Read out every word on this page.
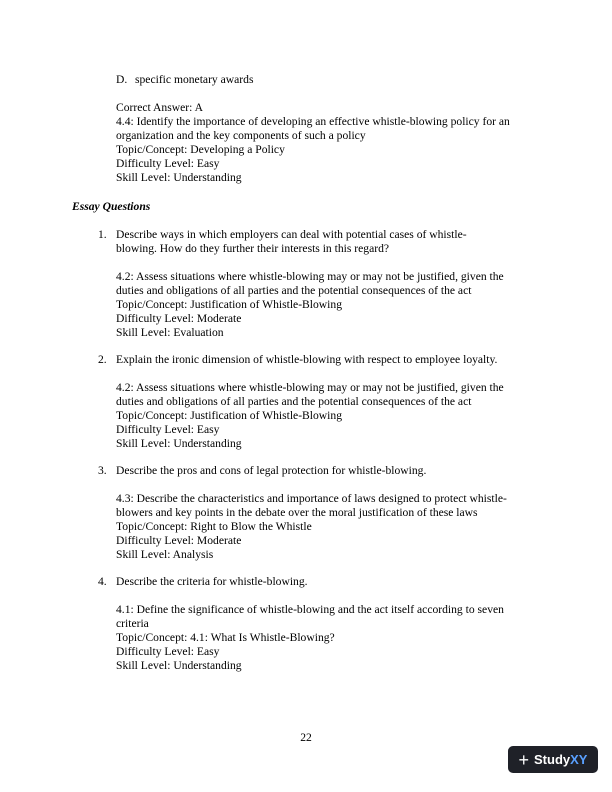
D. specific monetary awards
Correct Answer: A
4.4: Identify the importance of developing an effective whistle-blowing policy for an
organization and the key components of such a policy
Topic/Concept: Developing a Policy
Difficulty Level: Easy
Skill Level: Understanding
Essay Questions
1. Describe ways in which employers can deal with potential cases of whistle-
blowing. How do they further their interests in this regard?
4.2: Assess situations where whistle-blowing may or may not be justified, given the
duties and obligations of all parties and the potential consequences of the act
Topic/Concept: Justification of Whistle-Blowing
Difficulty Level: Moderate
Skill Level: Evaluation
2. Explain the ironic dimension of whistle-blowing with respect to employee loyalty.
4.2: Assess situations where whistle-blowing may or may not be justified, given the
duties and obligations of all parties and the potential consequences of the act
Topic/Concept: Justification of Whistle-Blowing
Difficulty Level: Easy
Skill Level: Understanding
3. Describe the pros and cons of legal protection for whistle-blowing.
4.3: Describe the characteristics and importance of laws designed to protect whistle-
blowers and key points in the debate over the moral justification of these laws
Topic/Concept: Right to Blow the Whistle
Difficulty Level: Moderate
Skill Level: Analysis
4. Describe the criteria for whistle-blowing.
4.1: Define the significance of whistle-blowing and the act itself according to seven
criteria
Topic/Concept: 4.1: What Is Whistle-Blowing?
Difficulty Level: Easy
Skill Level: Understanding
22
+ Study XY
